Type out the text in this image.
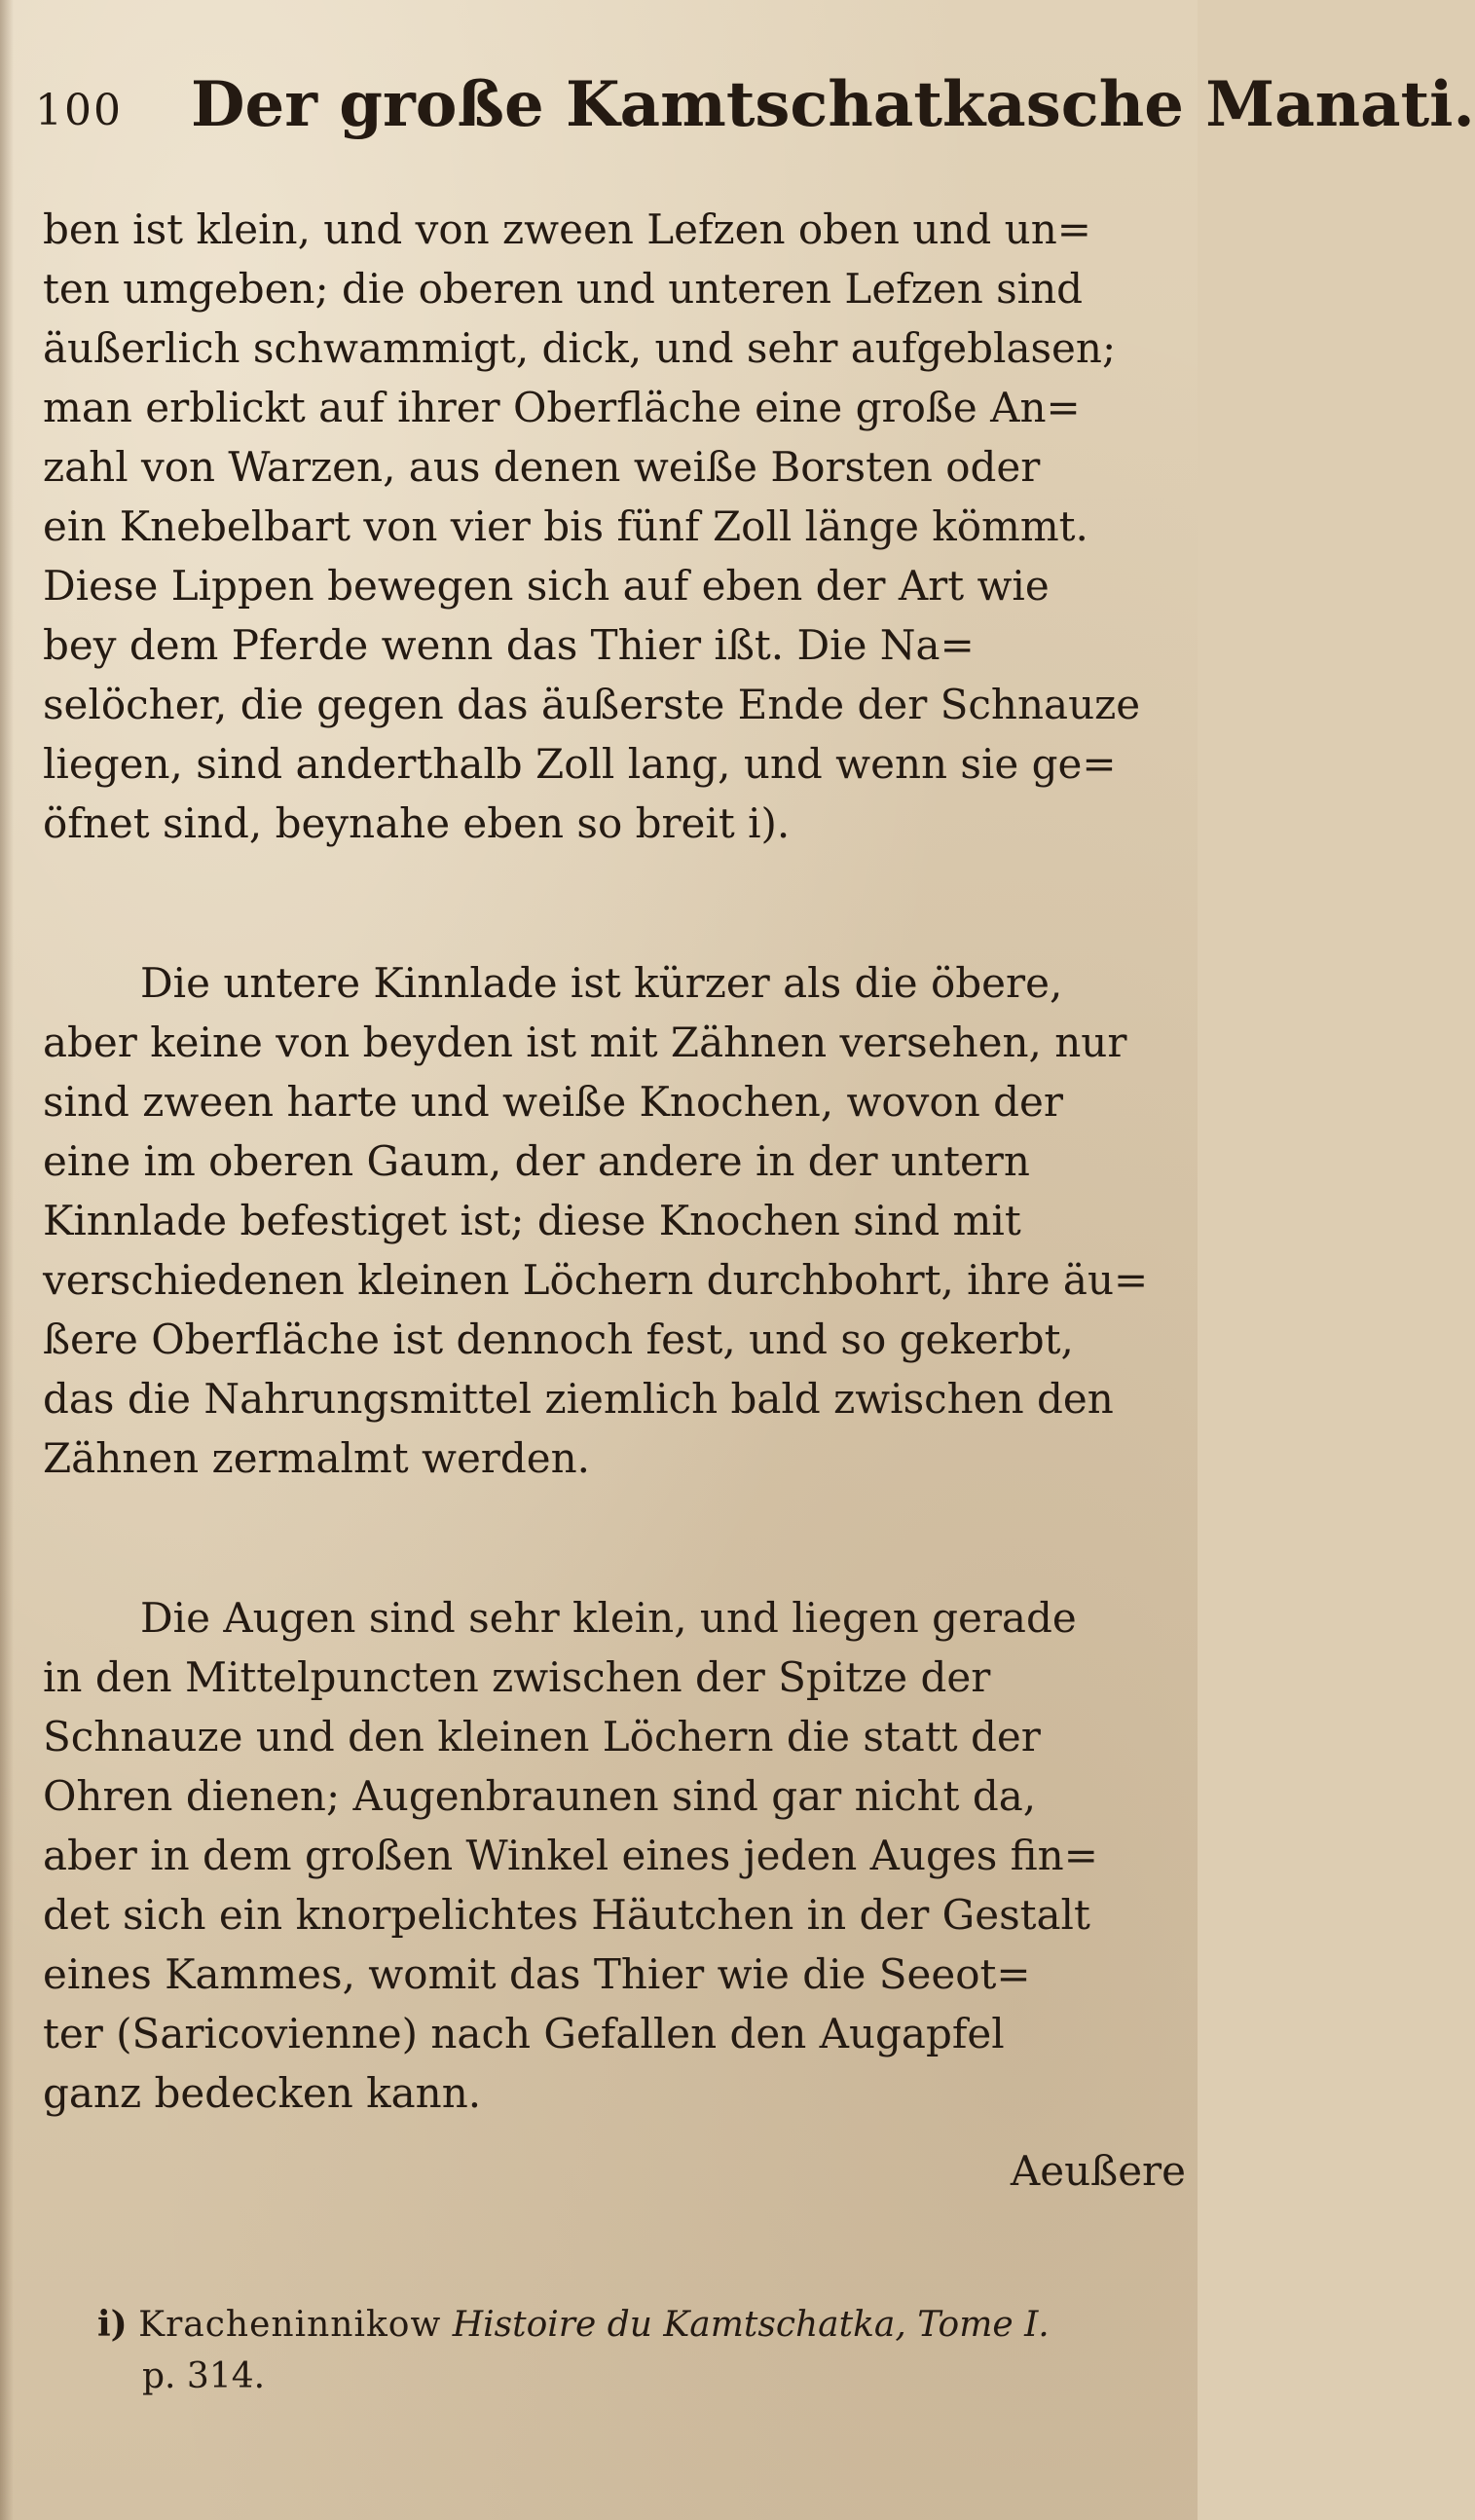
100 Der große Kamtschatkasche Manati.
ben ist klein, und von zween Lefzen oben und un=
ten umgeben; die oberen und unteren Lefzen sind
äußerlich schwammigt, dick, und sehr aufgeblasen;
man erblickt auf ihrer Oberfläche eine große An=
zahl von Warzen, aus denen weiße Borsten oder
ein Knebelbart von vier bis fünf Zoll länge kömmt.
Diese Lippen bewegen sich auf eben der Art wie
bey dem Pferde wenn das Thier ißt. Die Na=
selöcher, die gegen das äußerste Ende der Schnauze
liegen, sind anderthalb Zoll lang, und wenn sie ge=
öfnet sind, beynahe eben so breit i).
Die untere Kinnlade ist kürzer als die öbere,
aber keine von beyden ist mit Zähnen versehen, nur
sind zween harte und weiße Knochen, wovon der
eine im oberen Gaum, der andere in der untern
Kinnlade befestiget ist; diese Knochen sind mit
verschiedenen kleinen Löchern durchbohrt, ihre äu=
ßere Oberfläche ist dennoch fest, und so gekerbt,
das die Nahrungsmittel ziemlich bald zwischen den
Zähnen zermalmt werden.
Die Augen sind sehr klein, und liegen gerade
in den Mittelpuncten zwischen der Spitze der
Schnauze und den kleinen Löchern die statt der
Ohren dienen; Augenbraunen sind gar nicht da,
aber in dem großen Winkel eines jeden Auges fin=
det sich ein knorpelichtes Häutchen in der Gestalt
eines Kammes, womit das Thier wie die Seeot=
ter (Saricovienne) nach Gefallen den Augapfel
ganz bedecken kann.
Aeußere
i) Krache​ninnikow Histoire du Kamtschatka, Tome I.
p. 314.
